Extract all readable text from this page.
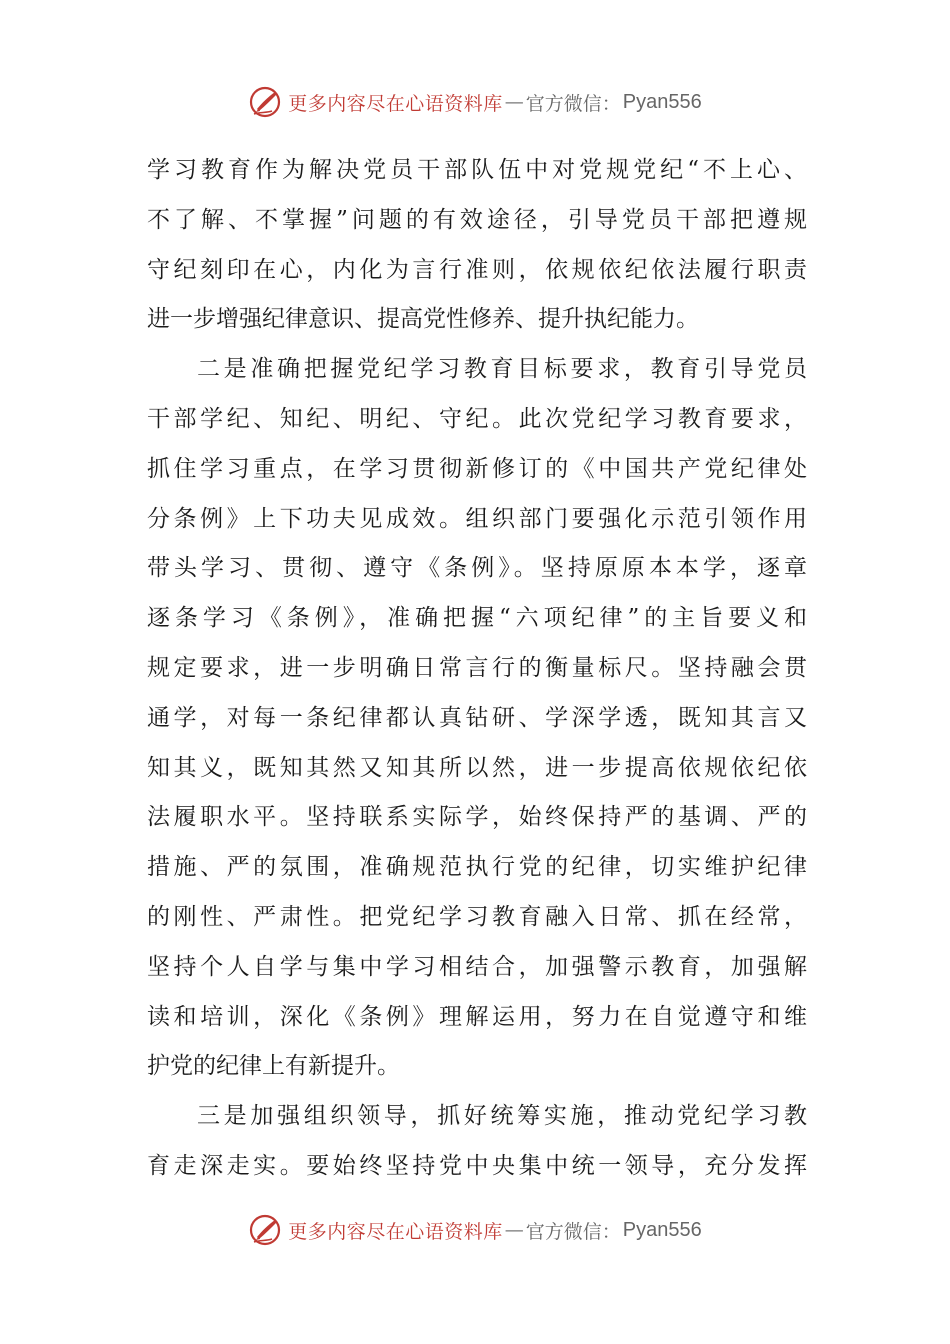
更多内容尽在心语资料库 — 官方微信： Pyan556
学习教育作为解决党员干部队伍中对党规党纪“不上心、
不了解、不掌握”问题的有效途径，引导党员干部把遵规
守纪刻印在心，内化为言行准则，依规依纪依法履行职责
进一步增强纪律意识、提高党性修养、提升执纪能力。
二是准确把握党纪学习教育目标要求，教育引导党员
干部学纪、知纪、明纪、守纪。此次党纪学习教育要求，
抓住学习重点，在学习贯彻新修订的《中国共产党纪律处
分条例》上下功夫见成效。组织部门要强化示范引领作用
带头学习、贯彻、遵守《条例》。坚持原原本本学，逐章
逐条学习《条例》，准确把握“六项纪律”的主旨要义和
规定要求，进一步明确日常言行的衡量标尺。坚持融会贯
通学，对每一条纪律都认真钻研、学深学透，既知其言又
知其义，既知其然又知其所以然，进一步提高依规依纪依
法履职水平。坚持联系实际学，始终保持严的基调、严的
措施、严的氛围，准确规范执行党的纪律，切实维护纪律
的刚性、严肃性。把党纪学习教育融入日常、抓在经常，
坚持个人自学与集中学习相结合，加强警示教育，加强解
读和培训，深化《条例》理解运用，努力在自觉遵守和维
护党的纪律上有新提升。
三是加强组织领导，抓好统筹实施，推动党纪学习教
育走深走实。要始终坚持党中央集中统一领导，充分发挥
更多内容尽在心语资料库 — 官方微信： Pyan556
